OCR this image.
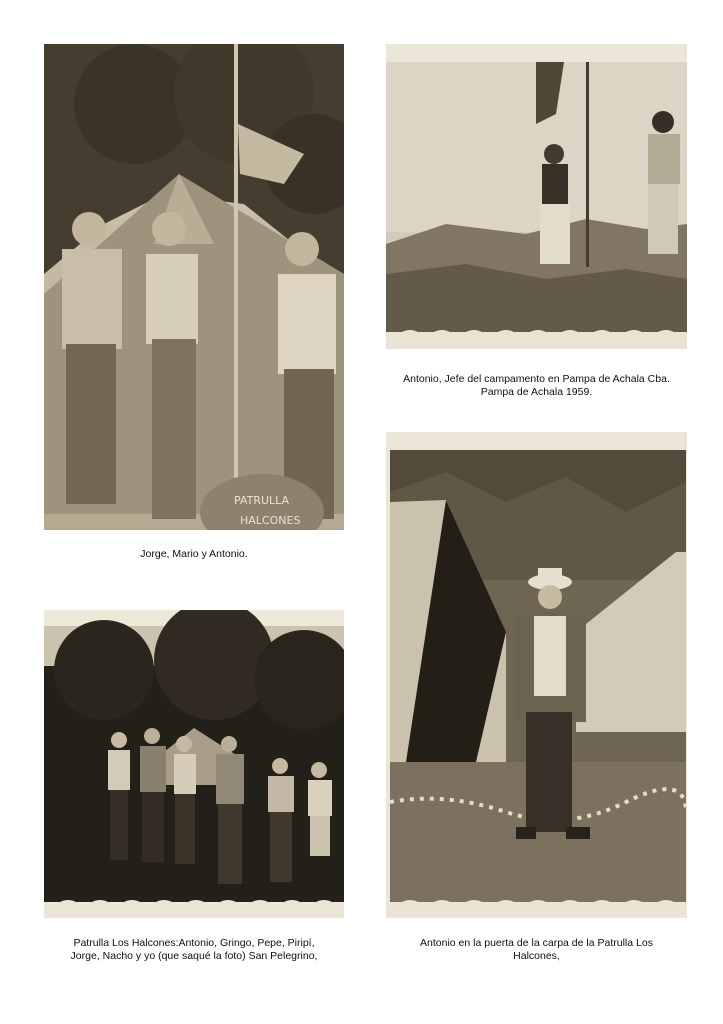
PATRULLA
HALCONES
Jorge, Mario y Antonio.
Antonio, Jefe del campamento en Pampa de Achala Cba.
Pampa de Achala 1959.
Patrulla Los Halcones:Antonio, Gringo, Pepe, Piripí,
Jorge, Nacho y yo (que saqué la foto) San Pelegrino,
Antonio en la puerta de la carpa de la Patrulla Los
Halcones,
